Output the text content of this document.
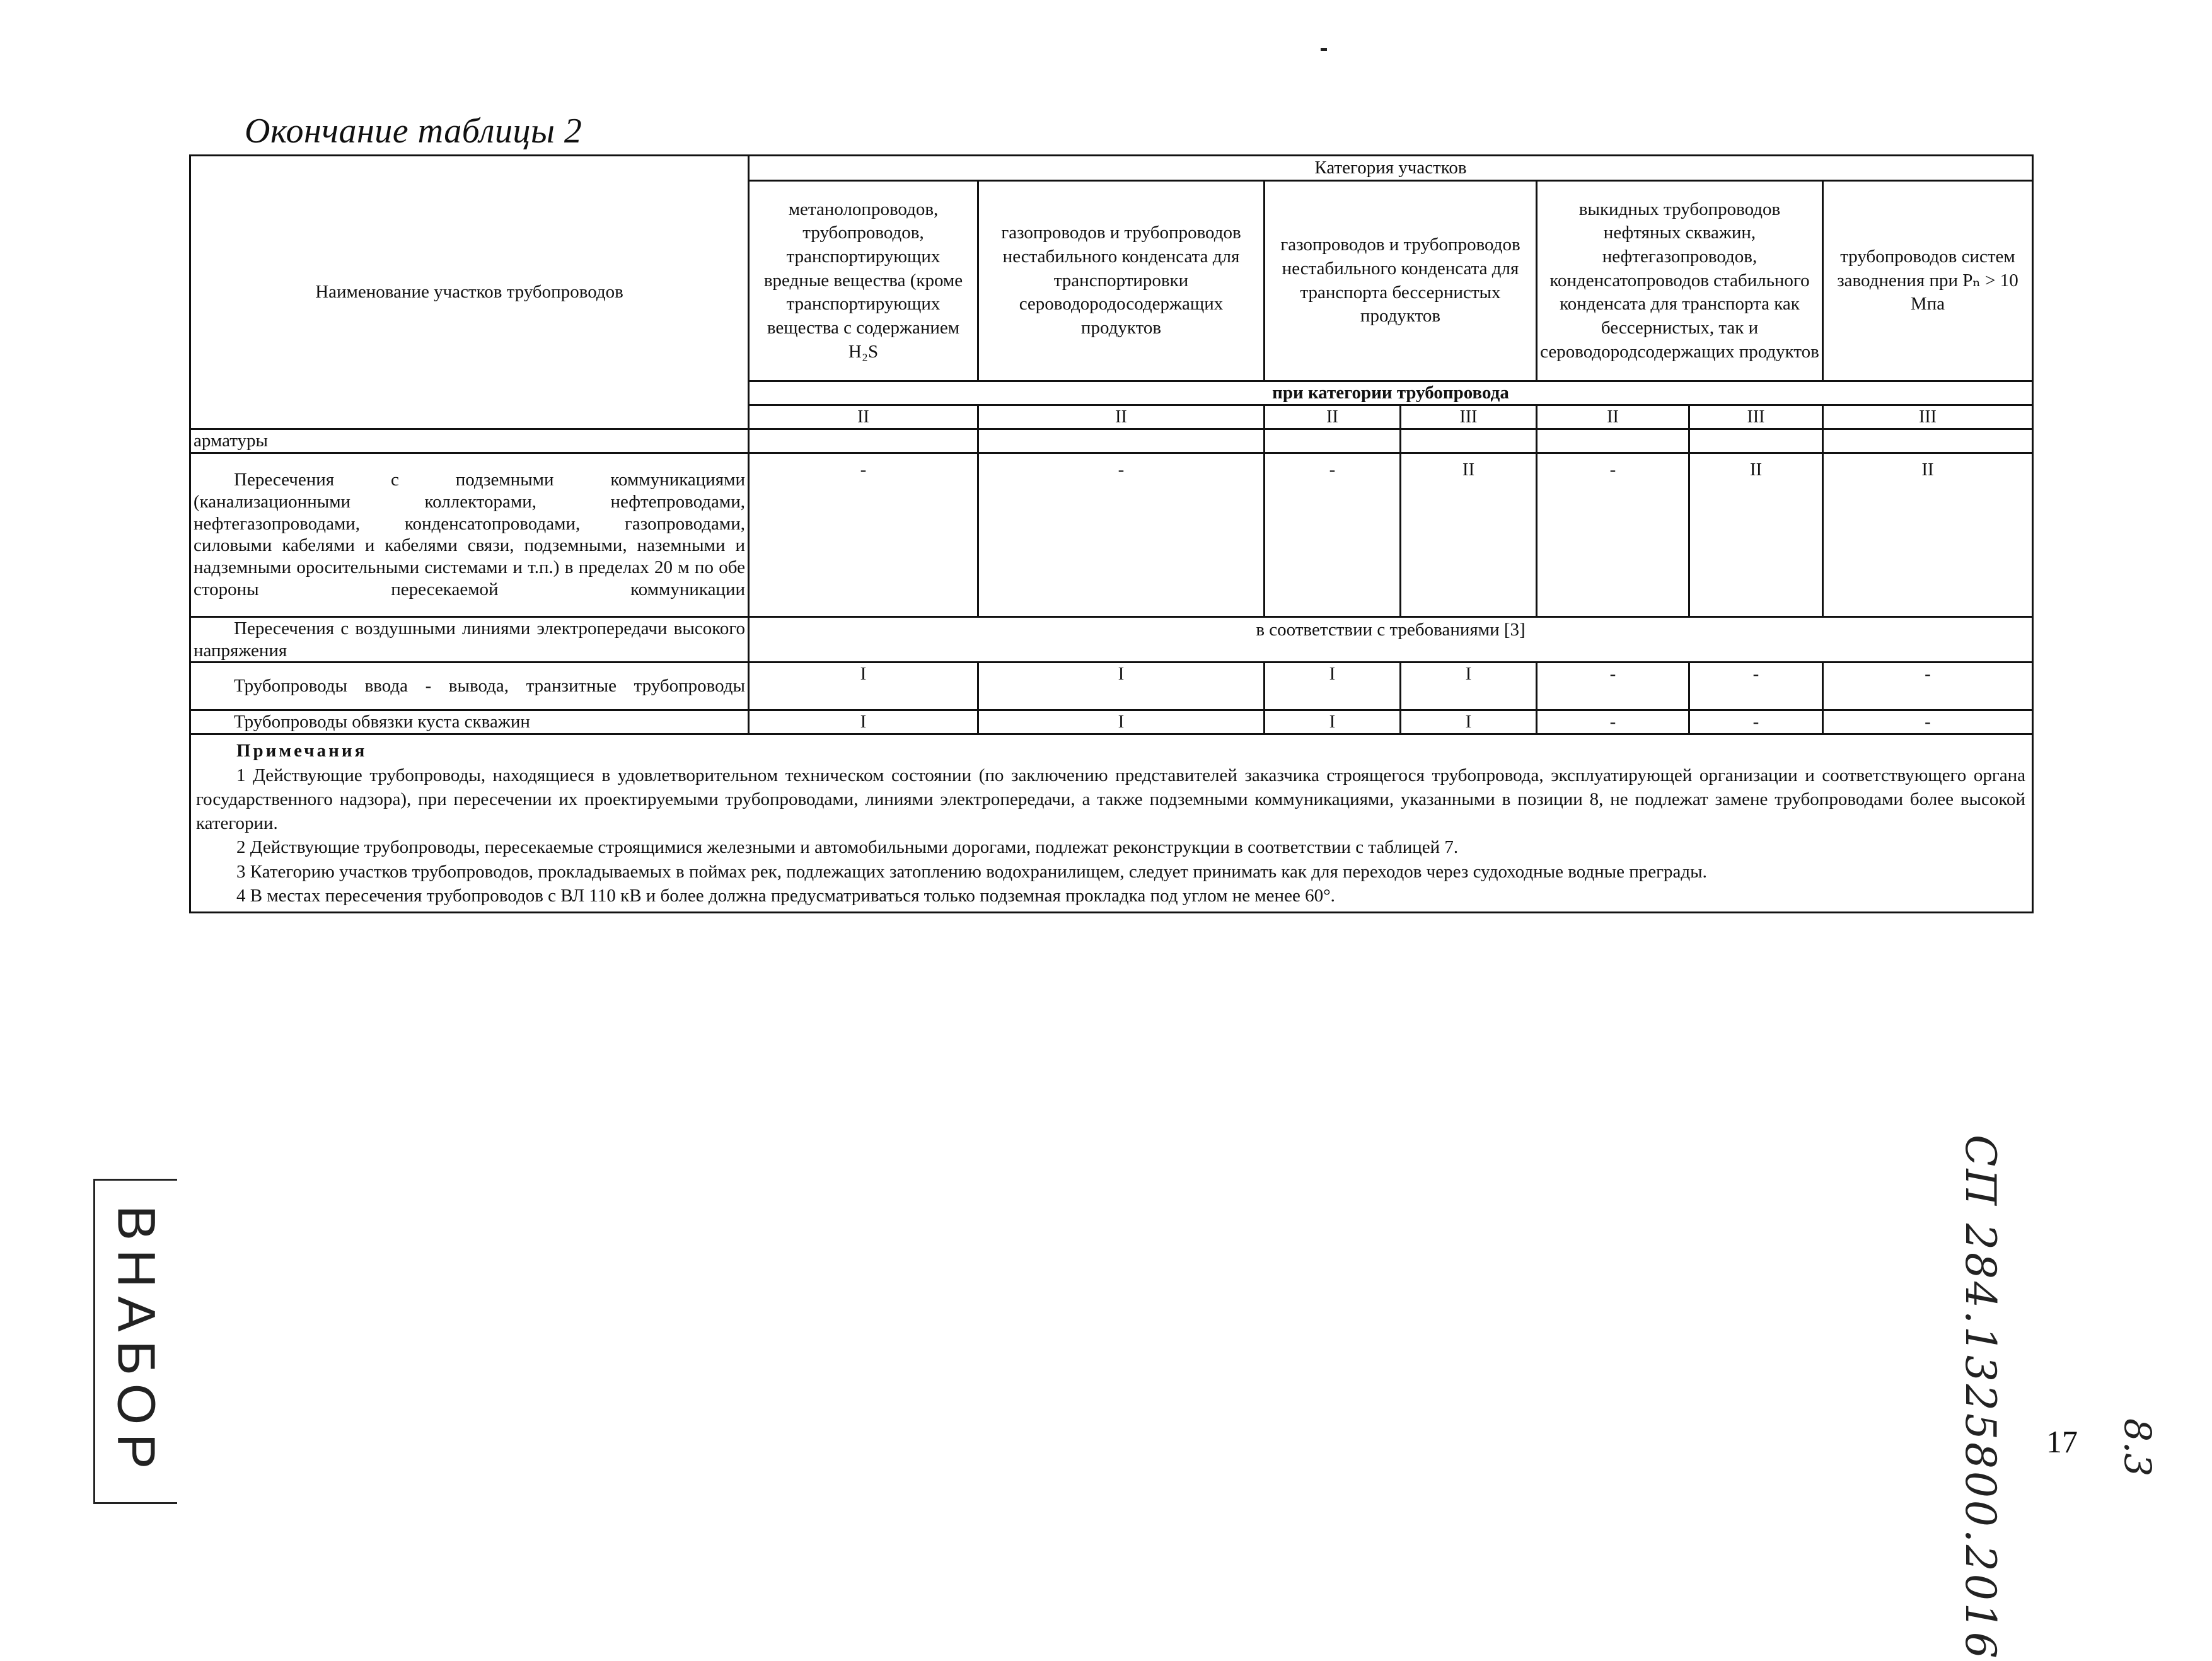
Окончание таблицы 2
Наименование участков трубопроводов	Категория участков						
	метанолопроводов, трубопроводов, транспортирующих вредные вещества (кроме транспортирующих вещества с содержанием H₂S	газопроводов и трубопроводов нестабильного конденсата для транспортировки сероводородосодержащих продуктов	газопроводов и трубопроводов нестабильного конденсата для транспорта бессернистых продуктов		выкидных трубопроводов нефтяных скважин, нефтегазопроводов, конденсатопроводов стабильного конденсата для транспорта как бессернистых, так и сероводородсодержащих продуктов		трубопроводов систем заводнения при Pₙ > 10 Мпа
	при категории трубопровода						
	II	II	II	III	II	III	III
арматуры							
Пересечения с подземными коммуникациями (канализационными коллекторами, нефтепроводами, нефтегазопроводами, конденсатопроводами, газопроводами, силовыми кабелями и кабелями связи, подземными, наземными и надземными оросительными системами и т.п.) в пределах 20 м по обе стороны пересекаемой коммуникации	-	-	-	II	-	II	II
Пересечения с воздушными линиями электропередачи высокого напряжения	в соответствии с требованиями [3]						
Трубопроводы ввода - вывода, транзитные трубопроводы	I	I	I	I	-	-	-
Трубопроводы обвязки куста скважин	I	I	I	I	-	-	-

Примечания

1 Действующие трубопроводы, находящиеся в удовлетворительном техническом состоянии (по заключению представителей заказчика строящегося трубопровода, эксплуатирующей организации и соответствующего органа государственного надзора), при пересечении их проектируемыми трубопроводами, линиями электропередачи, а также подземными коммуникациями, указанными в позиции 8, не подлежат замене трубопроводами более высокой категории.

2 Действующие трубопроводы, пересекаемые строящимися железными и автомобильными дорогами, подлежат реконструкции в соответствии с таблицей 7.

3 Категорию участков трубопроводов, прокладываемых в поймах рек, подлежащих затоплению водохранилищем, следует принимать как для переходов через судоходные водные преграды.

4 В местах пересечения трубопроводов с ВЛ 110 кВ и более должна предусматриваться только подземная прокладка под углом не менее 60°.							

ВНАБОР	СП 284.1325800.2016 17 8.3
